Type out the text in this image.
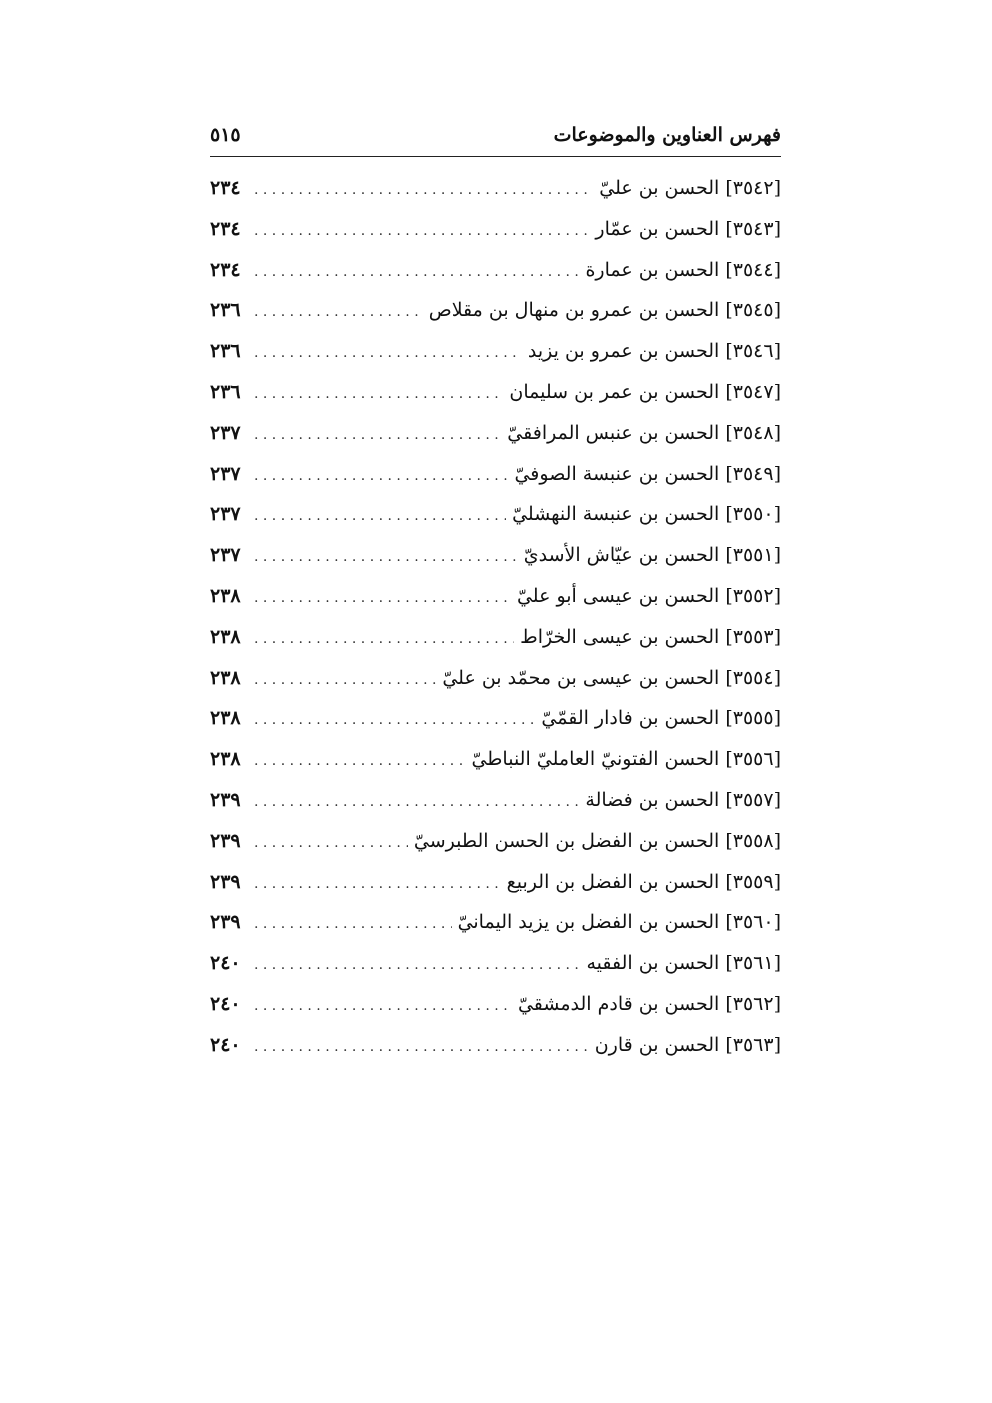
فهرس العناوين والموضوعات
٥١٥
[٣٥٤٢] الحسن بن عليّ
. . .
٢٣٤
[٣٥٤٣] الحسن بن عمّار
. . .
٢٣٤
[٣٥٤٤] الحسن بن عمارة
. . .
٢٣٤
[٣٥٤٥] الحسن بن عمرو بن منهال بن مقلاص
. . .
٢٣٦
[٣٥٤٦] الحسن بن عمرو بن يزيد
. . .
٢٣٦
[٣٥٤٧] الحسن بن عمر بن سليمان
. . .
٢٣٦
[٣٥٤٨] الحسن بن عنبس المرافقيّ
. . .
٢٣٧
[٣٥٤٩] الحسن بن عنبسة الصوفيّ
. . .
٢٣٧
[٣٥٥٠] الحسن بن عنبسة النهشليّ
. . .
٢٣٧
[٣٥٥١] الحسن بن عيّاش الأسديّ
. . .
٢٣٧
[٣٥٥٢] الحسن بن عيسى أبو عليّ
. . .
٢٣٨
[٣٥٥٣] الحسن بن عيسى الخرّاط
. . .
٢٣٨
[٣٥٥٤] الحسن بن عيسى بن محمّد بن عليّ
. . .
٢٣٨
[٣٥٥٥] الحسن بن فادار القمّيّ
. . .
٢٣٨
[٣٥٥٦] الحسن الفتونيّ العامليّ النباطيّ
. . .
٢٣٨
[٣٥٥٧] الحسن بن فضالة
. . .
٢٣٩
[٣٥٥٨] الحسن بن الفضل بن الحسن الطبرسيّ
. . .
٢٣٩
[٣٥٥٩] الحسن بن الفضل بن الربيع
. . .
٢٣٩
[٣٥٦٠] الحسن بن الفضل بن يزيد اليمانيّ
. . .
٢٣٩
[٣٥٦١] الحسن بن الفقيه
. . .
٢٤٠
[٣٥٦٢] الحسن بن قادم الدمشقيّ
. . .
٢٤٠
[٣٥٦٣] الحسن بن قارن
. . .
٢٤٠
